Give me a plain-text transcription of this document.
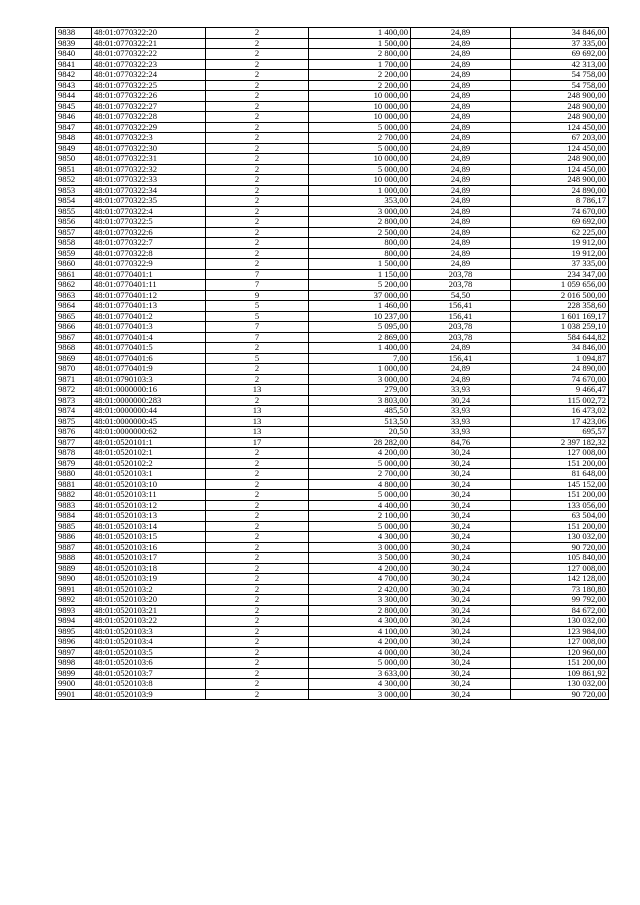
9838	48:01:0770322:20	2	1 400,00	24,89	34 846,00
9839	48:01:0770322:21	2	1 500,00	24,89	37 335,00
9840	48:01:0770322:22	2	2 800,00	24,89	69 692,00
9841	48:01:0770322:23	2	1 700,00	24,89	42 313,00
9842	48:01:0770322:24	2	2 200,00	24,89	54 758,00
9843	48:01:0770322:25	2	2 200,00	24,89	54 758,00
9844	48:01:0770322:26	2	10 000,00	24,89	248 900,00
9845	48:01:0770322:27	2	10 000,00	24,89	248 900,00
9846	48:01:0770322:28	2	10 000,00	24,89	248 900,00
9847	48:01:0770322:29	2	5 000,00	24,89	124 450,00
9848	48:01:0770322:3	2	2 700,00	24,89	67 203,00
9849	48:01:0770322:30	2	5 000,00	24,89	124 450,00
9850	48:01:0770322:31	2	10 000,00	24,89	248 900,00
9851	48:01:0770322:32	2	5 000,00	24,89	124 450,00
9852	48:01:0770322:33	2	10 000,00	24,89	248 900,00
9853	48:01:0770322:34	2	1 000,00	24,89	24 890,00
9854	48:01:0770322:35	2	353,00	24,89	8 786,17
9855	48:01:0770322:4	2	3 000,00	24,89	74 670,00
9856	48:01:0770322:5	2	2 800,00	24,89	69 692,00
9857	48:01:0770322:6	2	2 500,00	24,89	62 225,00
9858	48:01:0770322:7	2	800,00	24,89	19 912,00
9859	48:01:0770322:8	2	800,00	24,89	19 912,00
9860	48:01:0770322:9	2	1 500,00	24,89	37 335,00
9861	48:01:0770401:1	7	1 150,00	203,78	234 347,00
9862	48:01:0770401:11	7	5 200,00	203,78	1 059 656,00
9863	48:01:0770401:12	9	37 000,00	54,50	2 016 500,00
9864	48:01:0770401:13	5	1 460,00	156,41	228 358,60
9865	48:01:0770401:2	5	10 237,00	156,41	1 601 169,17
9866	48:01:0770401:3	7	5 095,00	203,78	1 038 259,10
9867	48:01:0770401:4	7	2 869,00	203,78	584 644,82
9868	48:01:0770401:5	2	1 400,00	24,89	34 846,00
9869	48:01:0770401:6	5	7,00	156,41	1 094,87
9870	48:01:0770401:9	2	1 000,00	24,89	24 890,00
9871	48:01:0790103:3	2	3 000,00	24,89	74 670,00
9872	48:01:0000000:16	13	279,00	33,93	9 466,47
9873	48:01:0000000:283	2	3 803,00	30,24	115 002,72
9874	48:01:0000000:44	13	485,50	33,93	16 473,02
9875	48:01:0000000:45	13	513,50	33,93	17 423,06
9876	48:01:0000000:62	13	20,50	33,93	695,57
9877	48:01:0520101:1	17	28 282,00	84,76	2 397 182,32
9878	48:01:0520102:1	2	4 200,00	30,24	127 008,00
9879	48:01:0520102:2	2	5 000,00	30,24	151 200,00
9880	48:01:0520103:1	2	2 700,00	30,24	81 648,00
9881	48:01:0520103:10	2	4 800,00	30,24	145 152,00
9882	48:01:0520103:11	2	5 000,00	30,24	151 200,00
9883	48:01:0520103:12	2	4 400,00	30,24	133 056,00
9884	48:01:0520103:13	2	2 100,00	30,24	63 504,00
9885	48:01:0520103:14	2	5 000,00	30,24	151 200,00
9886	48:01:0520103:15	2	4 300,00	30,24	130 032,00
9887	48:01:0520103:16	2	3 000,00	30,24	90 720,00
9888	48:01:0520103:17	2	3 500,00	30,24	105 840,00
9889	48:01:0520103:18	2	4 200,00	30,24	127 008,00
9890	48:01:0520103:19	2	4 700,00	30,24	142 128,00
9891	48:01:0520103:2	2	2 420,00	30,24	73 180,80
9892	48:01:0520103:20	2	3 300,00	30,24	99 792,00
9893	48:01:0520103:21	2	2 800,00	30,24	84 672,00
9894	48:01:0520103:22	2	4 300,00	30,24	130 032,00
9895	48:01:0520103:3	2	4 100,00	30,24	123 984,00
9896	48:01:0520103:4	2	4 200,00	30,24	127 008,00
9897	48:01:0520103:5	2	4 000,00	30,24	120 960,00
9898	48:01:0520103:6	2	5 000,00	30,24	151 200,00
9899	48:01:0520103:7	2	3 633,00	30,24	109 861,92
9900	48:01:0520103:8	2	4 300,00	30,24	130 032,00
9901	48:01:0520103:9	2	3 000,00	30,24	90 720,00
